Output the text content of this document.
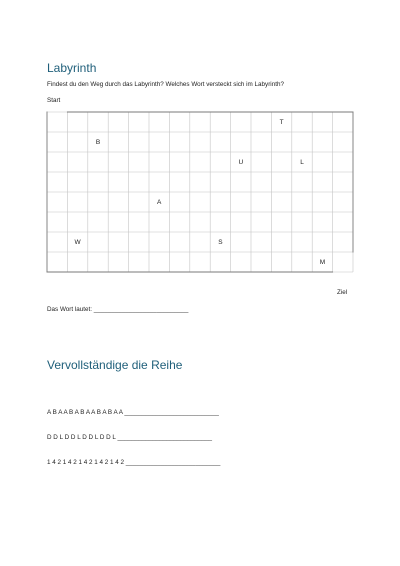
Labyrinth
Findest du den Weg durch das Labyrinth? Welches Wort versteckt sich im Labyrinth?
Start
T
B
U	L
A
W	S
M
Ziel
Das Wort lautet: ___________________________
Vervollständige die Reihe
A B A A B A B A A B A B A A ___________________________
D D L D D L D D L D D L ___________________________
1 4 2 1 4 2 1 4 2 1 4 2 1 4 2 ___________________________
